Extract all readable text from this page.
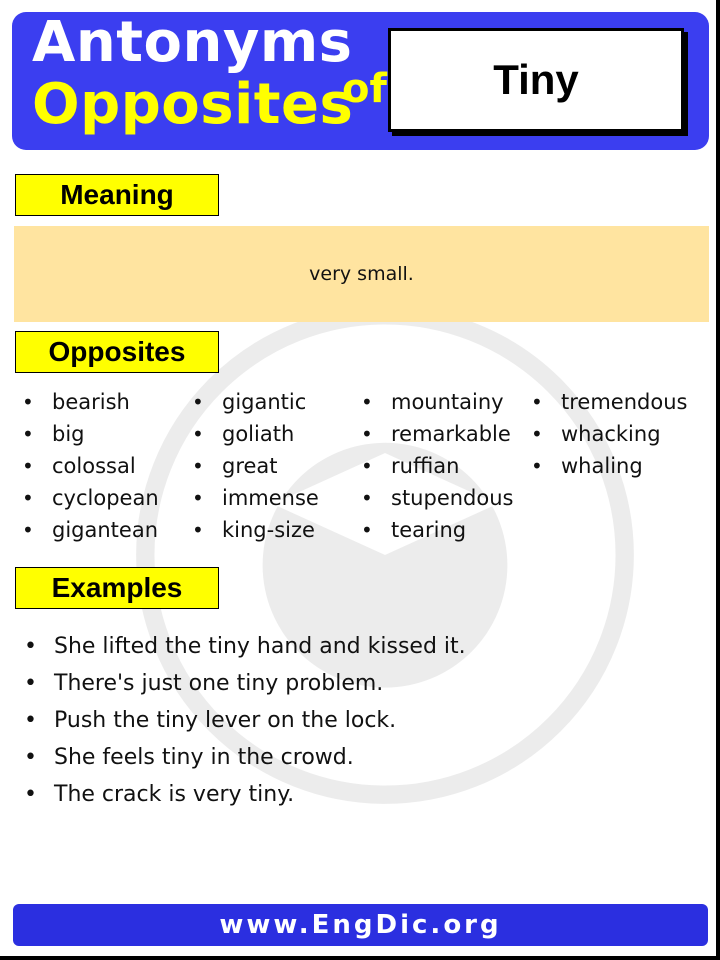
Antonyms
Opposites
of	Tiny
Meaning
very small.
Opposites
• bearish
• big
• colossal
• cyclopean
• gigantean
• gigantic
• goliath
• great
• immense
• king-size
• mountainy
• remarkable
• ruffian
• stupendous
• tearing
• tremendous
• whacking
• whaling
Examples
• She lifted the tiny hand and kissed it.
• There's just one tiny problem.
• Push the tiny lever on the lock.
• She feels tiny in the crowd.
• The crack is very tiny.
www.EngDic.org
